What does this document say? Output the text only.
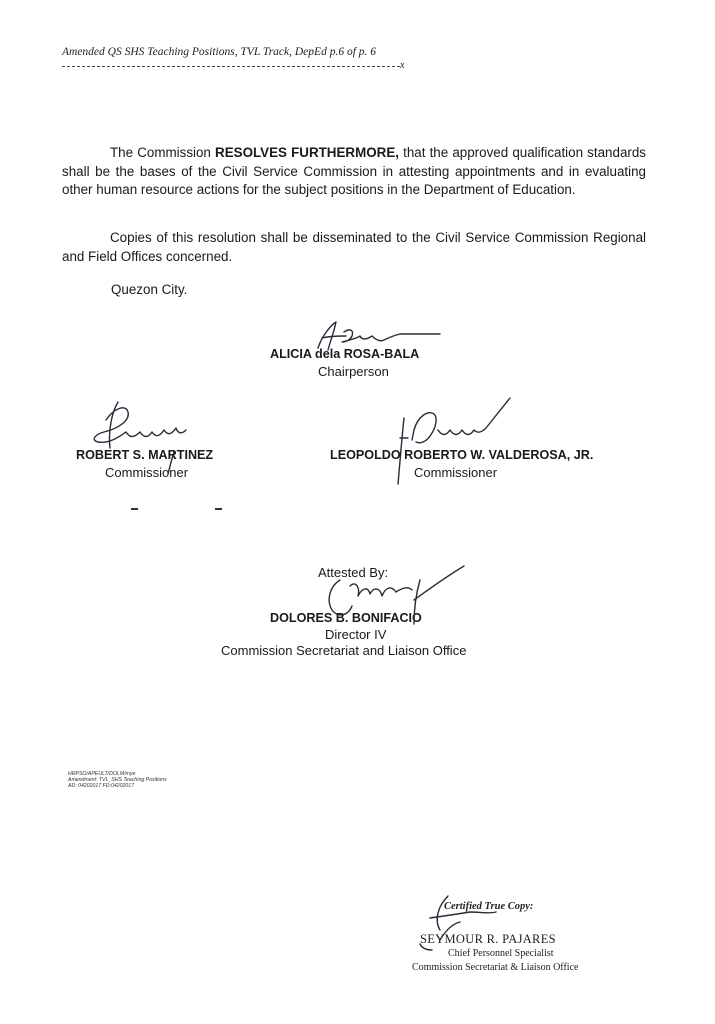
Amended QS SHS Teaching Positions, TVL Track, DepEd p.6 of p. 6
x

The Commission RESOLVES FURTHERMORE, that the approved qualification standards shall be the bases of the Civil Service Commission in attesting appointments and in evaluating other human resource actions for the subject positions in the Department of Education.

Copies of this resolution shall be disseminated to the Civil Service Commission Regional and Field Offices concerned.

Quezon City.
ALICIA dela ROSA-BALA
Chairperson
ROBERT S. MARTINEZ
Commissioner
LEOPOLDO ROBERTO W. VALDEROSA, JR.
Commissioner
Attested By:
DOLORES B. BONIFACIO
Director IV
Commission Secretariat and Liaison Office
HRPSO/APEULT/DOLM/mye
Amendment: TVL_SHS Teaching Positions
AD: 04202017 FD:04202017
Certified True Copy:
SEYMOUR R. PAJARES
Chief Personnel Specialist
Commission Secretariat & Liaison Office
